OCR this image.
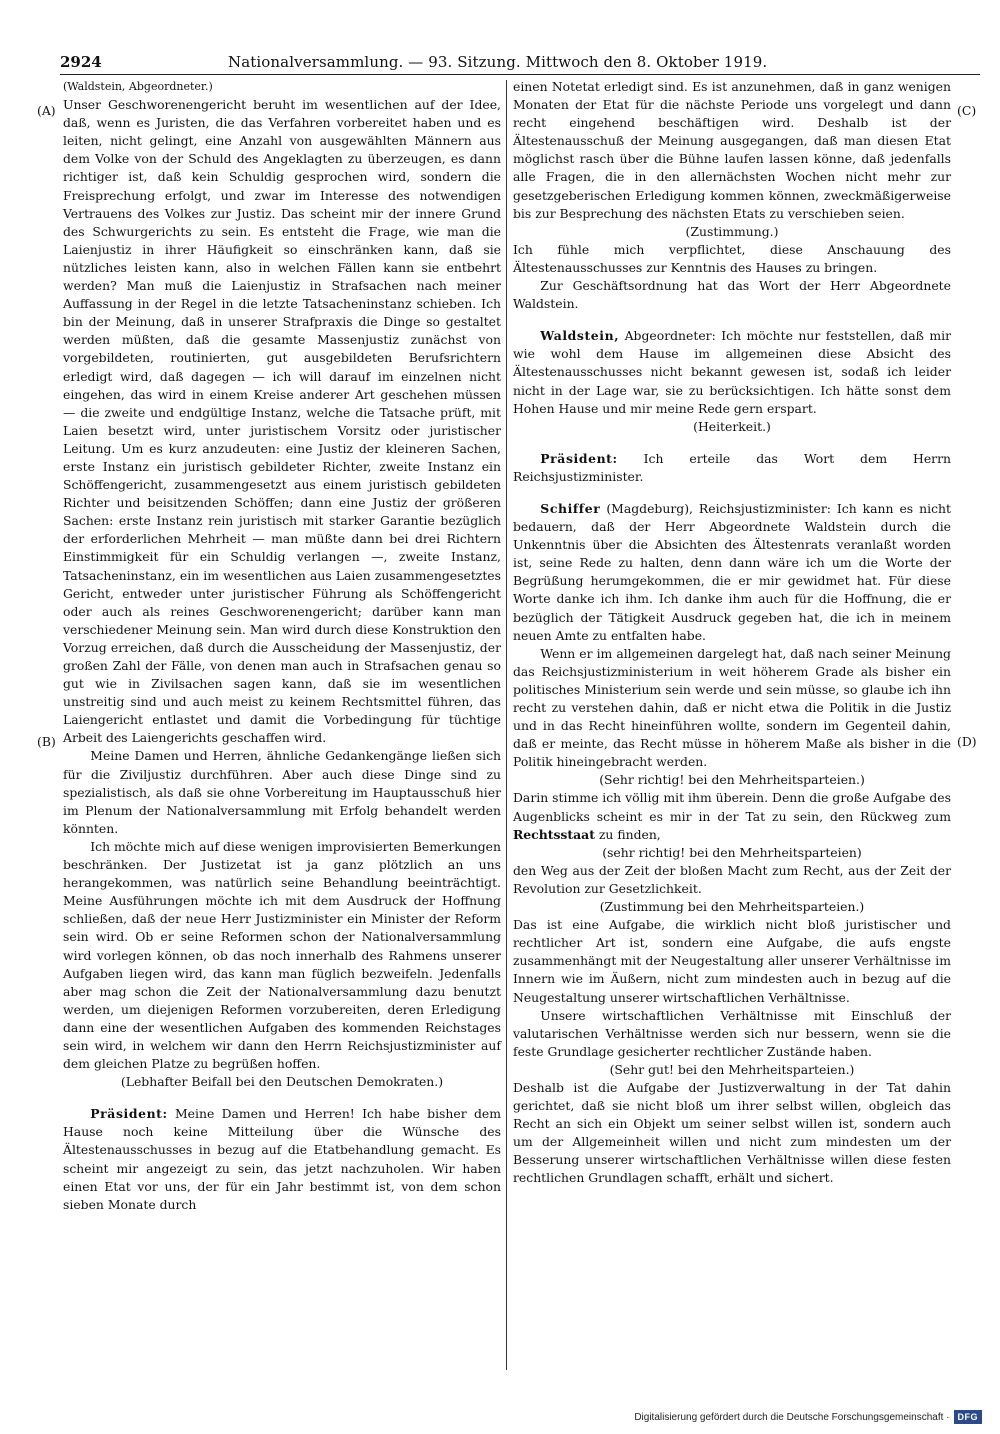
2924	Nationalversammlung. — 93. Sitzung. Mittwoch den 8. Oktober 1919.
(A)
(B)
(C)
(D)

(Waldstein, Abgeordneter.)

Unser Geschworenengericht beruht im wesentlichen auf der Idee, daß, wenn es Juristen, die das Verfahren vorbereitet haben und es leiten, nicht gelingt, eine Anzahl von ausgewählten Männern aus dem Volke von der Schuld des Angeklagten zu überzeugen, es dann richtiger ist, daß kein Schuldig gesprochen wird, sondern die Freisprechung erfolgt, und zwar im Interesse des notwendigen Vertrauens des Volkes zur Justiz. Das scheint mir der innere Grund des Schwurgerichts zu sein. Es entsteht die Frage, wie man die Laienjustiz in ihrer Häufigkeit so einschränken kann, daß sie nützliches leisten kann, also in welchen Fällen kann sie entbehrt werden? Man muß die Laienjustiz in Strafsachen nach meiner Auffassung in der Regel in die letzte Tatsacheninstanz schieben. Ich bin der Meinung, daß in unserer Strafpraxis die Dinge so gestaltet werden müßten, daß die gesamte Massenjustiz zunächst von vorgebildeten, routinierten, gut ausgebildeten Berufsrichtern erledigt wird, daß dagegen — ich will darauf im einzelnen nicht eingehen, das wird in einem Kreise anderer Art geschehen müssen — die zweite und endgültige Instanz, welche die Tatsache prüft, mit Laien besetzt wird, unter juristischem Vorsitz oder juristischer Leitung. Um es kurz anzudeuten: eine Justiz der kleineren Sachen, erste Instanz ein juristisch gebildeter Richter, zweite Instanz ein Schöffengericht, zusammengesetzt aus einem juristisch gebildeten Richter und beisitzenden Schöffen; dann eine Justiz der größeren Sachen: erste Instanz rein juristisch mit starker Garantie bezüglich der erforderlichen Mehrheit — man müßte dann bei drei Richtern Einstimmigkeit für ein Schuldig verlangen —, zweite Instanz, Tatsacheninstanz, ein im wesentlichen aus Laien zusammengesetztes Gericht, entweder unter juristischer Führung als Schöffengericht oder auch als reines Geschworenengericht; darüber kann man verschiedener Meinung sein. Man wird durch diese Konstruktion den Vorzug erreichen, daß durch die Ausscheidung der Massenjustiz, der großen Zahl der Fälle, von denen man auch in Strafsachen genau so gut wie in Zivilsachen sagen kann, daß sie im wesentlichen unstreitig sind und auch meist zu keinem Rechtsmittel führen, das Laiengericht entlastet und damit die Vorbedingung für tüchtige Arbeit des Laiengerichts geschaffen wird.

Meine Damen und Herren, ähnliche Gedankengänge ließen sich für die Ziviljustiz durchführen. Aber auch diese Dinge sind zu spezialistisch, als daß sie ohne Vorbereitung im Hauptausschuß hier im Plenum der Nationalversammlung mit Erfolg behandelt werden könnten.

Ich möchte mich auf diese wenigen improvisierten Bemerkungen beschränken. Der Justizetat ist ja ganz plötzlich an uns herangekommen, was natürlich seine Behandlung beeinträchtigt. Meine Ausführungen möchte ich mit dem Ausdruck der Hoffnung schließen, daß der neue Herr Justizminister ein Minister der Reform sein wird. Ob er seine Reformen schon der Nationalversammlung wird vorlegen können, ob das noch innerhalb des Rahmens unserer Aufgaben liegen wird, das kann man füglich bezweifeln. Jedenfalls aber mag schon die Zeit der Nationalversammlung dazu benutzt werden, um diejenigen Reformen vorzubereiten, deren Erledigung dann eine der wesentlichen Aufgaben des kommenden Reichstages sein wird, in welchem wir dann den Herrn Reichsjustizminister auf dem gleichen Platze zu begrüßen hoffen.

(Lebhafter Beifall bei den Deutschen Demokraten.)

Präsident: Meine Damen und Herren! Ich habe bisher dem Hause noch keine Mitteilung über die Wünsche des Ältestenausschusses in bezug auf die Etatbehandlung gemacht. Es scheint mir angezeigt zu sein, das jetzt nachzuholen. Wir haben einen Etat vor uns, der für ein Jahr bestimmt ist, von dem schon sieben Monate durch

einen Notetat erledigt sind. Es ist anzunehmen, daß in ganz wenigen Monaten der Etat für die nächste Periode uns vorgelegt und dann recht eingehend beschäftigen wird. Deshalb ist der Ältestenausschuß der Meinung ausgegangen, daß man diesen Etat möglichst rasch über die Bühne laufen lassen könne, daß jedenfalls alle Fragen, die in den allernächsten Wochen nicht mehr zur gesetzgeberischen Erledigung kommen können, zweckmäßigerweise bis zur Besprechung des nächsten Etats zu verschieben seien.

(Zustimmung.)

Ich fühle mich verpflichtet, diese Anschauung des Ältestenausschusses zur Kenntnis des Hauses zu bringen.

Zur Geschäftsordnung hat das Wort der Herr Abgeordnete Waldstein.

Waldstein, Abgeordneter: Ich möchte nur feststellen, daß mir wie wohl dem Hause im allgemeinen diese Absicht des Ältestenausschusses nicht bekannt gewesen ist, sodaß ich leider nicht in der Lage war, sie zu berücksichtigen. Ich hätte sonst dem Hohen Hause und mir meine Rede gern erspart.

(Heiterkeit.)

Präsident: Ich erteile das Wort dem Herrn Reichsjustizminister.

Schiffer (Magdeburg), Reichsjustizminister: Ich kann es nicht bedauern, daß der Herr Abgeordnete Waldstein durch die Unkenntnis über die Absichten des Ältestenrats veranlaßt worden ist, seine Rede zu halten, denn dann wäre ich um die Worte der Begrüßung herumgekommen, die er mir gewidmet hat. Für diese Worte danke ich ihm. Ich danke ihm auch für die Hoffnung, die er bezüglich der Tätigkeit Ausdruck gegeben hat, die ich in meinem neuen Amte zu entfalten habe.

Wenn er im allgemeinen dargelegt hat, daß nach seiner Meinung das Reichsjustizministerium in weit höherem Grade als bisher ein politisches Ministerium sein werde und sein müsse, so glaube ich ihn recht zu verstehen dahin, daß er nicht etwa die Politik in die Justiz und in das Recht hineinführen wollte, sondern im Gegenteil dahin, daß er meinte, das Recht müsse in höherem Maße als bisher in die Politik hineingebracht werden.

(Sehr richtig! bei den Mehrheitsparteien.)

Darin stimme ich völlig mit ihm überein. Denn die große Aufgabe des Augenblicks scheint es mir in der Tat zu sein, den Rückweg zum Rechtsstaat zu finden,

(sehr richtig! bei den Mehrheitsparteien)

den Weg aus der Zeit der bloßen Macht zum Recht, aus der Zeit der Revolution zur Gesetzlichkeit.

(Zustimmung bei den Mehrheitsparteien.)

Das ist eine Aufgabe, die wirklich nicht bloß juristischer und rechtlicher Art ist, sondern eine Aufgabe, die aufs engste zusammenhängt mit der Neugestaltung aller unserer Verhältnisse im Innern wie im Äußern, nicht zum mindesten auch in bezug auf die Neugestaltung unserer wirtschaftlichen Verhältnisse.

Unsere wirtschaftlichen Verhältnisse mit Einschluß der valutarischen Verhältnisse werden sich nur bessern, wenn sie die feste Grundlage gesicherter rechtlicher Zustände haben.

(Sehr gut! bei den Mehrheitsparteien.)

Deshalb ist die Aufgabe der Justizverwaltung in der Tat dahin gerichtet, daß sie nicht bloß um ihrer selbst willen, obgleich das Recht an sich ein Objekt um seiner selbst willen ist, sondern auch um der Allgemeinheit willen und nicht zum mindesten um der Besserung unserer wirtschaftlichen Verhältnisse willen diese festen rechtlichen Grundlagen schafft, erhält und sichert.

Digitalisierung gefördert durch die Deutsche Forschungsgemeinschaft · DFG
